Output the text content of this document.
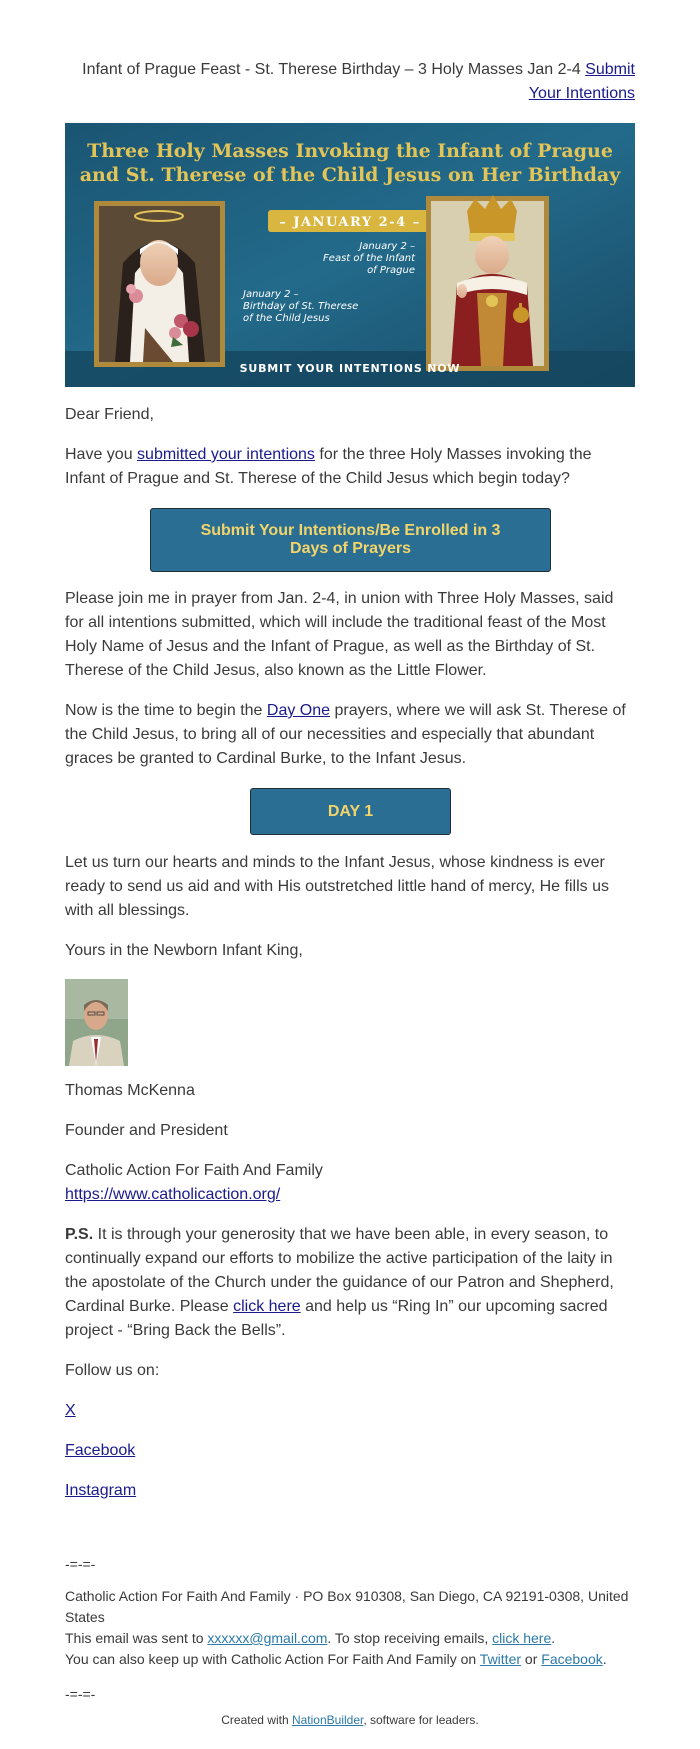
Infant of Prague Feast - St. Therese Birthday – 3 Holy Masses Jan 2-4 Submit Your Intentions
Three Holy Masses Invoking the Infant of Prague
and St. Therese of the Child Jesus on Her Birthday
– JANUARY 2-4 –
January 2 –
Feast of the Infant
of Prague
January 2 –
Birthday of St. Therese
of the Child Jesus
SUBMIT YOUR INTENTIONS NOW

Dear Friend,

Have you submitted your intentions for the three Holy Masses invoking the Infant of Prague and St. Therese of the Child Jesus which begin today?

Submit Your Intentions/Be Enrolled in 3 Days of Prayers

Please join me in prayer from Jan. 2-4, in union with Three Holy Masses, said for all intentions submitted, which will include the traditional feast of the Most Holy Name of Jesus and the Infant of Prague, as well as the Birthday of St. Therese of the Child Jesus, also known as the Little Flower.

Now is the time to begin the Day One prayers, where we will ask St. Therese of the Child Jesus, to bring all of our necessities and especially that abundant graces be granted to Cardinal Burke, to the Infant Jesus.

DAY 1

Let us turn our hearts and minds to the Infant Jesus, whose kindness is ever ready to send us aid and with His outstretched little hand of mercy, He fills us with all blessings.

Yours in the Newborn Infant King,

Thomas McKenna

Founder and President

Catholic Action For Faith And Family

https://www.catholicaction.org/

P.S. It is through your generosity that we have been able, in every season, to continually expand our efforts to mobilize the active participation of the laity in the apostolate of the Church under the guidance of our Patron and Shepherd, Cardinal Burke. Please click here and help us “Ring In” our upcoming sacred project - “Bring Back the Bells”.

Follow us on:

X

Facebook

Instagram

-=-=-
Catholic Action For Faith And Family · PO Box 910308, San Diego, CA 92191-0308, United States
This email was sent to xxxxxx@gmail.com. To stop receiving emails, click here.
You can also keep up with Catholic Action For Faith And Family on Twitter or Facebook.
-=-=-
Created with NationBuilder, software for leaders.
